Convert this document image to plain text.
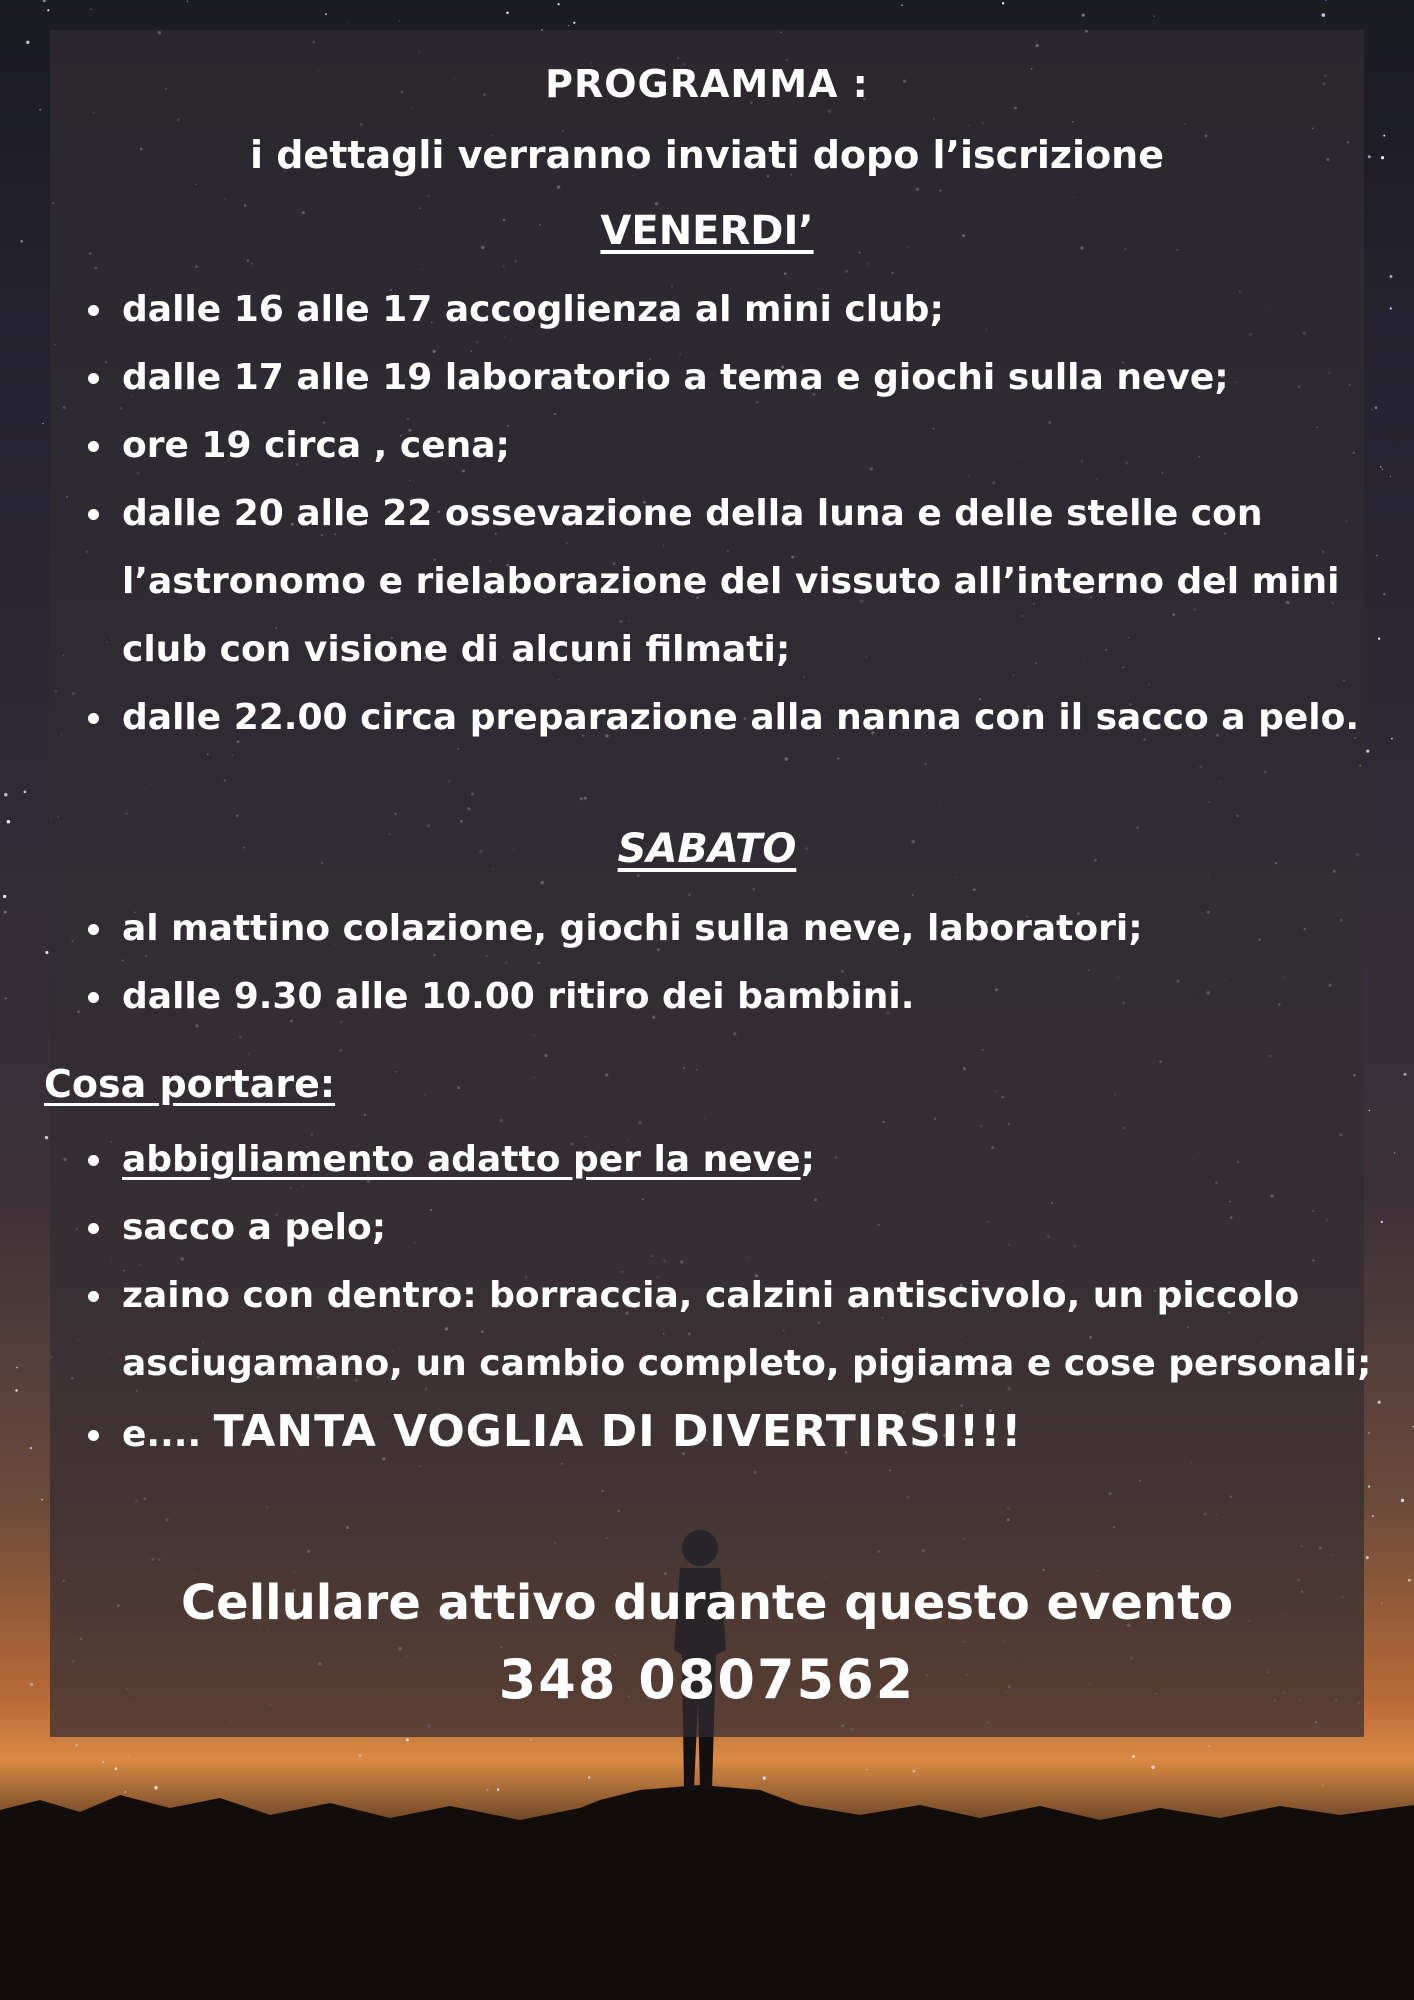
PROGRAMMA :
i dettagli verranno inviati dopo l’iscrizione
VENERDI’
• dalle 16 alle 17 accoglienza al mini club;
• dalle 17 alle 19 laboratorio a tema e giochi sulla neve;
• ore 19 circa , cena;
• dalle 20 alle 22 ossevazione della luna e delle stelle con l’astronomo e rielaborazione del vissuto all’interno del mini club con visione di alcuni filmati;
• dalle 22.00 circa preparazione alla nanna con il sacco a pelo.
SABATO
• al mattino colazione, giochi sulla neve, laboratori;
• dalle 9.30 alle 10.00 ritiro dei bambini.
Cosa portare:
• abbigliamento adatto per la neve;
• sacco a pelo;
• zaino con dentro: borraccia, calzini antiscivolo, un piccolo asciugamano, un cambio completo, pigiama e cose personali;
• e.... TANTA VOGLIA DI DIVERTIRSI!!!
Cellulare attivo durante questo evento
348 0807562
